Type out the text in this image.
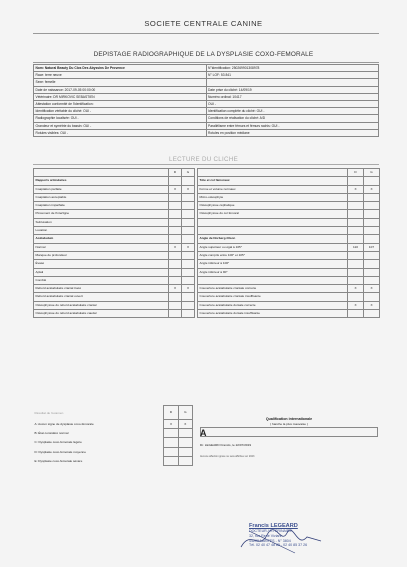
SOCIETE CENTRALE CANINE
DEPISTAGE RADIOGRAPHIQUE DE LA DYSPLASIE COXO-FEMORALE
Nom: Natural Beauty Du Clos Des Abyssins De Provence	N°identification: 250269901308978
Race: terre neuve	N° LOF: 53 841
Sexe: femelle	
Date de naissance: 2017-09-05 00:00:00	Date prise du cliché: 14/09/19
Vétérinaire: DR MIRKOVIC SEBASTIEN	Numéro ordinal: 10417
Attestation conformité de l'identification:	OUI -
Identification véritable du cliché: OUI -	Identification complète du cliché: OUI -
Radiographie localisée: OUI -	Conditions de réalisation du cliché: A/D
Grandeur et symétrie du bassin: OUI -	Parallélisme entre fémurs et fémurs rachis: OUI -
Rotules visibles: OUI -	Rotules en position médiane
LECTURE DU CLICHE
	D	G			D	G
Rapports articulaires				Tête et col fémoraux		
Coaptation parfaite	X	X		Forme et volume normaux	X	X
Coaptation acceptable				Micro-ostéophyte		
Coaptation imparfaite				Ostéophytose céphalique		
Pincement de l'interligne				Ostéophytose du col fémoral		
Subluxation						
Luxation						
Acétabulum				Angle de Norberg-Olson		
Normal	X	X		Angle supérieur ou égal à 105°	110	107
Manque de profondeur				Angle compris entre 100° et 105°		
Évasé				Angle inférieur à 100°		
Aplati				Angle inférieur à 90°		
Comblé						
Rebord acétabulaire cranial tracé	X	X		Couverture acétabulaire craniale correcte	X	X
Rebord acétabulaire cranial ouvert				Couverture acétabulaire craniale insuffisante		
Ostéophytose du rebord acétabulaire cranial				Couverture acétabulaire dorsale correcte	X	X
Ostéophytose du rebord acétabulaire caudal				Couverture acétabulaire dorsale insuffisante		
Résultat de l'examen	D	G
A: Aucun signe de dysplasie coxo-fémorale	X	X
B: État considéré normal		
C: Dysplasie coxo-fémorale légère		
D: Dysplasie coxo-fémorale moyenne		
E: Dysplasie coxo-fémorale sévère		
Qualification internationale
( hanche la plus mauvaise )
A
Dr. LEGEARD Francis, le 22/07/2019
Aucune affection grave ne sera affichée sur 2023
Francis LEGEARD
DOCTEUR-VÉTÉRINAIRE
32, rue René Viviani
44200 NANTES - N° 3804
Tél. 02 40 47 48 85 - 02 40 85 37 26
